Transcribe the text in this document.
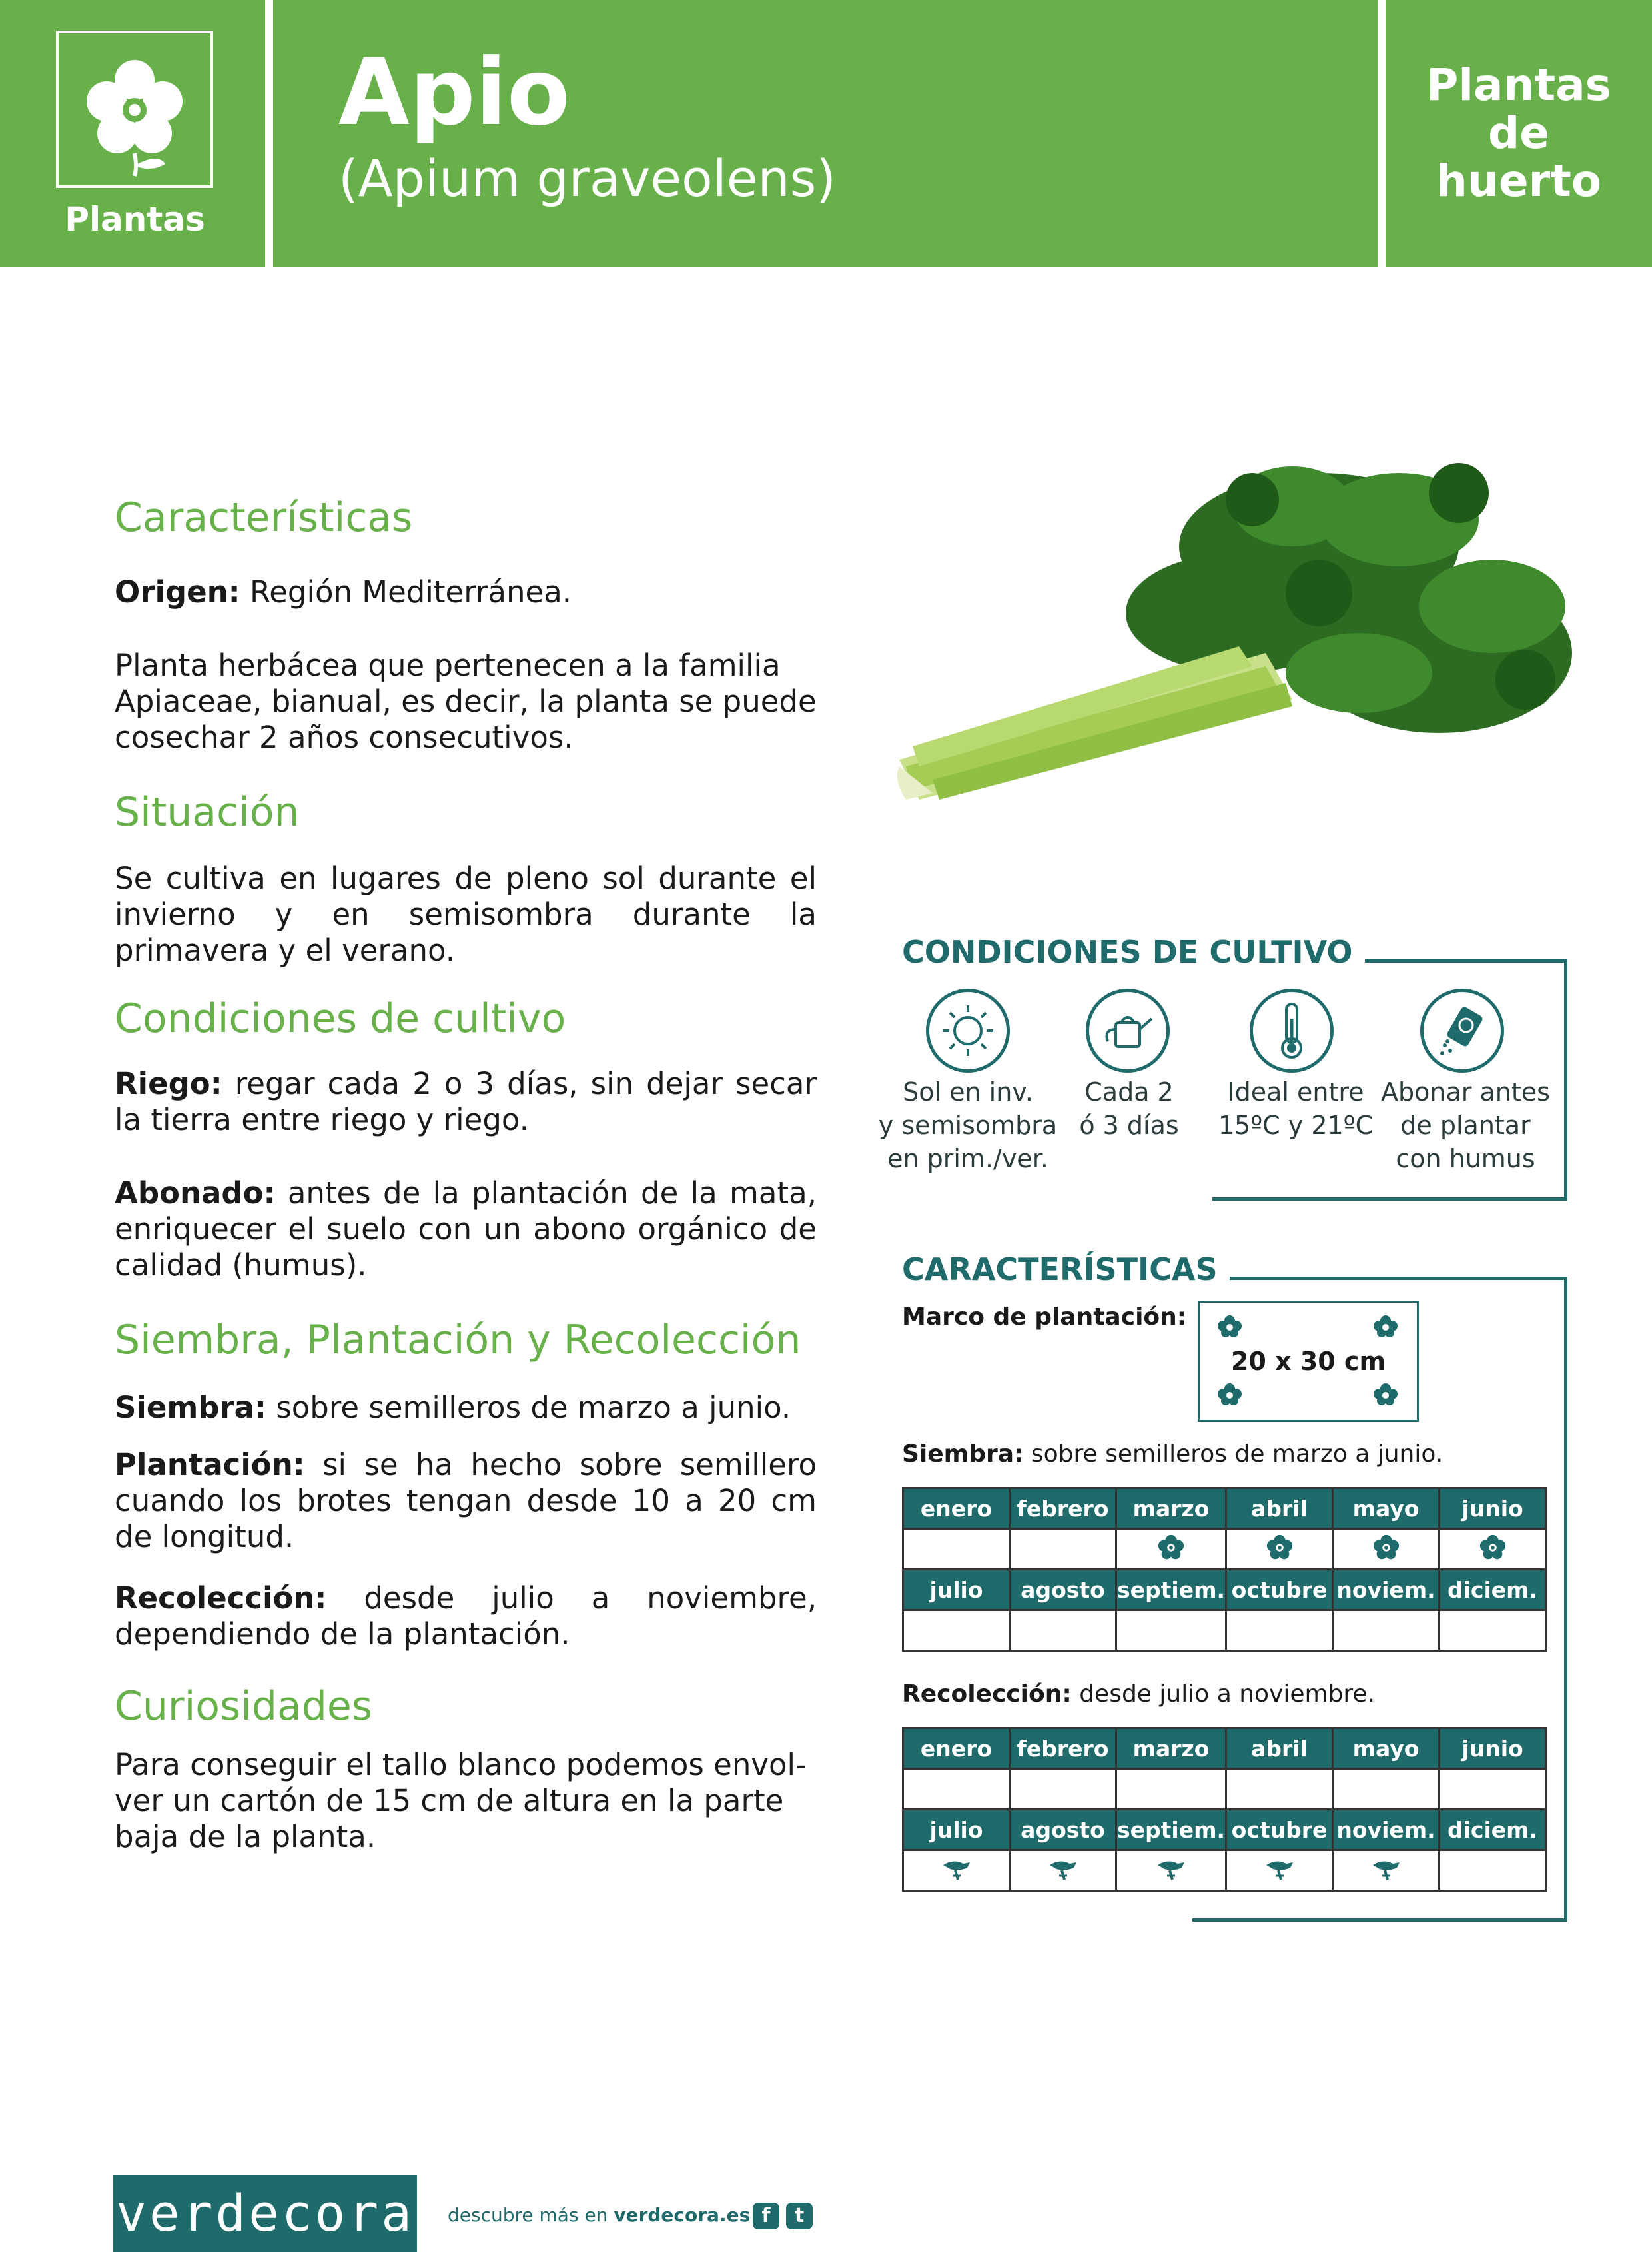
Plantas
Apio
(Apium graveolens)
Plantas
de
huerto
Características
Origen: Región Mediterránea.
Planta herbácea que pertenecen a la familia Apiaceae, bianual, es decir, la planta se puede cosechar 2 años consecutivos.
Situación
Se cultiva en lugares de pleno sol durante el invierno y en semisombra durante la primavera y el verano.
Condiciones de cultivo
Riego: regar cada 2 o 3 días, sin dejar secar la tierra entre riego y riego.
Abonado: antes de la plantación de la mata, enriquecer el suelo con un abono orgánico de calidad (humus).
Siembra, Plantación y Recolección
Siembra: sobre semilleros de marzo a junio.
Plantación: si se ha hecho sobre semillero cuando los brotes tengan desde 10 a 20 cm de longitud.
Recolección: desde julio a noviembre, dependiendo de la plantación.
Curiosidades
Para conseguir el tallo blanco podemos envol-ver un cartón de 15 cm de altura en la parte baja de la planta.
CONDICIONES DE CULTIVO
Sol en inv.
y semisombra
en prim./ver.
Cada 2
ó 3 días
Ideal entre
15ºC y 21ºC
Abonar antes
de plantar
con humus
CARACTERÍSTICAS
Marco de plantación:
20 x 30 cm
Siembra: sobre semilleros de marzo a junio.
enero	febrero	marzo	abril	mayo	junio

julio	agosto	septiem.	octubre	noviem.	diciem.

Recolección: desde julio a noviembre.
enero	febrero	marzo	abril	mayo	junio

julio	agosto	septiem.	octubre	noviem.	diciem.

verdecora descubre más en verdecora.es f	t
